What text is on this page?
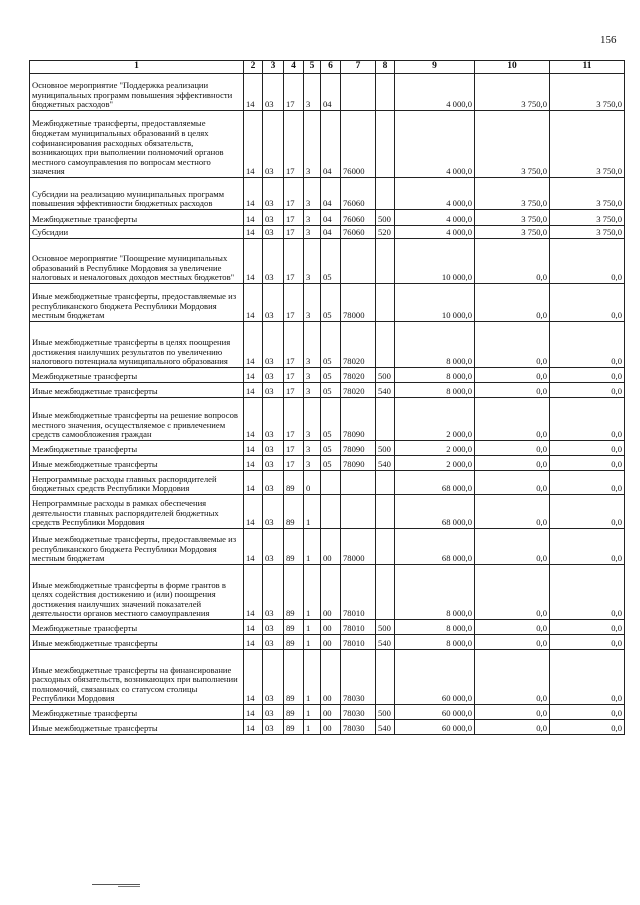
156
1	2	3	4	5	6	7	8	9	10	11
Основное мероприятие "Поддержка реализации муниципальных программ повышения эффективности бюджетных расходов"	14	03	17	3	04			4 000,0	3 750,0	3 750,0
Межбюджетные трансферты, предоставляемые бюджетам муниципальных образований в целях софинансирования расходных обязательств, возникающих при выполнении полномочий органов местного самоуправления по вопросам местного значения	14	03	17	3	04	76000		4 000,0	3 750,0	3 750,0
Субсидии на реализацию муниципальных программ повышения эффективности бюджетных расходов	14	03	17	3	04	76060		4 000,0	3 750,0	3 750,0
Межбюджетные трансферты	14	03	17	3	04	76060	500	4 000,0	3 750,0	3 750,0
Субсидии	14	03	17	3	04	76060	520	4 000,0	3 750,0	3 750,0
Основное мероприятие "Поощрение муниципальных образований в Республике Мордовия за увеличение налоговых и неналоговых доходов местных бюджетов"	14	03	17	3	05			10 000,0	0,0	0,0
Иные межбюджетные трансферты, предоставляемые из республиканского бюджета Республики Мордовия местным бюджетам	14	03	17	3	05	78000		10 000,0	0,0	0,0
Иные межбюджетные трансферты в целях поощрения достижения наилучших результатов по увеличению налогового потенциала муниципального образования	14	03	17	3	05	78020		8 000,0	0,0	0,0
Межбюджетные трансферты	14	03	17	3	05	78020	500	8 000,0	0,0	0,0
Иные межбюджетные трансферты	14	03	17	3	05	78020	540	8 000,0	0,0	0,0
Иные межбюджетные трансферты на решение вопросов местного значения, осуществляемое с привлечением средств самообложения граждан	14	03	17	3	05	78090		2 000,0	0,0	0,0
Межбюджетные трансферты	14	03	17	3	05	78090	500	2 000,0	0,0	0,0
Иные межбюджетные трансферты	14	03	17	3	05	78090	540	2 000,0	0,0	0,0
Непрограммные расходы главных распорядителей бюджетных средств Республики Мордовия	14	03	89	0				68 000,0	0,0	0,0
Непрограммные расходы в рамках обеспечения деятельности главных распорядителей бюджетных средств Республики Мордовия	14	03	89	1				68 000,0	0,0	0,0
Иные межбюджетные трансферты, предоставляемые из республиканского бюджета Республики Мордовия местным бюджетам	14	03	89	1	00	78000		68 000,0	0,0	0,0
Иные межбюджетные трансферты в форме грантов в целях содействия достижению и (или) поощрения достижения наилучших значений показателей деятельности органов местного самоуправления	14	03	89	1	00	78010		8 000,0	0,0	0,0
Межбюджетные трансферты	14	03	89	1	00	78010	500	8 000,0	0,0	0,0
Иные межбюджетные трансферты	14	03	89	1	00	78010	540	8 000,0	0,0	0,0
Иные межбюджетные трансферты на финансирование расходных обязательств, возникающих при выполнении полномочий, связанных со статусом столицы Республики Мордовия	14	03	89	1	00	78030		60 000,0	0,0	0,0
Межбюджетные трансферты	14	03	89	1	00	78030	500	60 000,0	0,0	0,0
Иные межбюджетные трансферты	14	03	89	1	00	78030	540	60 000,0	0,0	0,0
